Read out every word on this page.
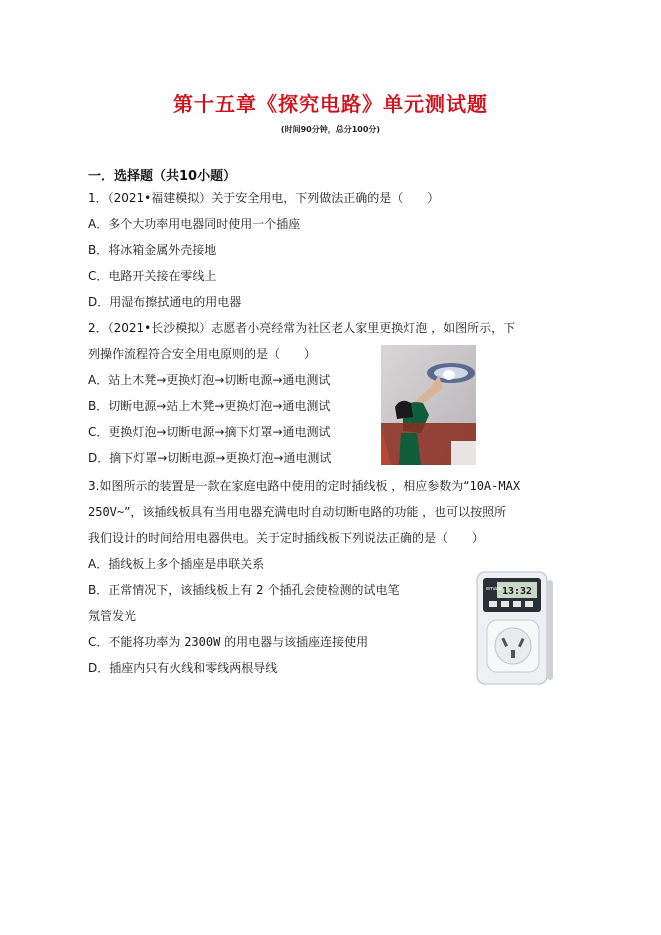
第十五章《探究电路》单元测试题
(时间90分钟，总分100分)
一．选择题（共10小题）
1．（2021•福建模拟）关于安全用电，下列做法正确的是（　　）
A．多个大功率用电器同时使用一个插座
B．将冰箱金属外壳接地
C．电路开关接在零线上
D．用湿布擦拭通电的用电器
2．（2021•长沙模拟）志愿者小亮经常为社区老人家里更换灯泡 ，如图所示，下
列操作流程符合安全用电原则的是（　　）
A．站上木凳→更换灯泡→切断电源→通电测试
B．切断电源→站上木凳→更换灯泡→通电测试
C．更换灯泡→切断电源→摘下灯罩→通电测试
D．摘下灯罩→切断电源→更换灯泡→通电测试
3.如图所示的装置是一款在家庭电路中使用的定时插线板 ，相应参数为“10A-MAX
250V~”，该插线板具有当用电器充满电时自动切断电路的功能 ，也可以按照所
我们设计的时间给用电器供电。关于定时插线板下列说法正确的是（　　）
A．插线板上多个插座是串联关系
B．正常情况下，该插线板上有 2 个插孔会使检测的试电笔
氖管发光
C．不能将功率为 2300W 的用电器与该插座连接使用
D．插座内只有火线和零线两根导线
13:32
emate
